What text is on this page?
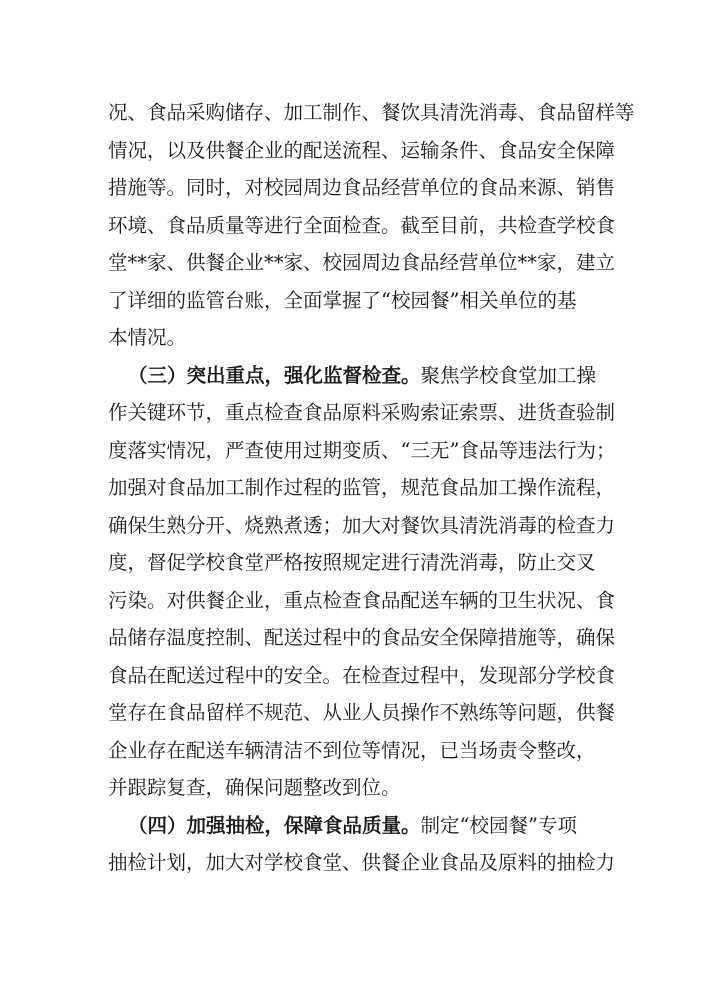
况、食品采购储存、加工制作、餐饮具清洗消毒、食品留样等
情况，以及供餐企业的配送流程、运输条件、食品安全保障
措施等。同时，对校园周边食品经营单位的食品来源、销售
环境、食品质量等进行全面检查。截至目前，共检查学校食
堂**家、供餐企业**家、校园周边食品经营单位**家，建立
了详细的监管台账，全面掌握了“校园餐”相关单位的基
本情况。
（三）突出重点，强化监督检查。聚焦学校食堂加工操
作关键环节，重点检查食品原料采购索证索票、进货查验制
度落实情况，严查使用过期变质、“三无”食品等违法行为；
加强对食品加工制作过程的监管，规范食品加工操作流程，
确保生熟分开、烧熟煮透；加大对餐饮具清洗消毒的检查力
度，督促学校食堂严格按照规定进行清洗消毒，防止交叉
污染。对供餐企业，重点检查食品配送车辆的卫生状况、食
品储存温度控制、配送过程中的食品安全保障措施等，确保
食品在配送过程中的安全。在检查过程中，发现部分学校食
堂存在食品留样不规范、从业人员操作不熟练等问题，供餐
企业存在配送车辆清洁不到位等情况，已当场责令整改，
并跟踪复查，确保问题整改到位。
（四）加强抽检，保障食品质量。制定“校园餐”专项
抽检计划，加大对学校食堂、供餐企业食品及原料的抽检力
